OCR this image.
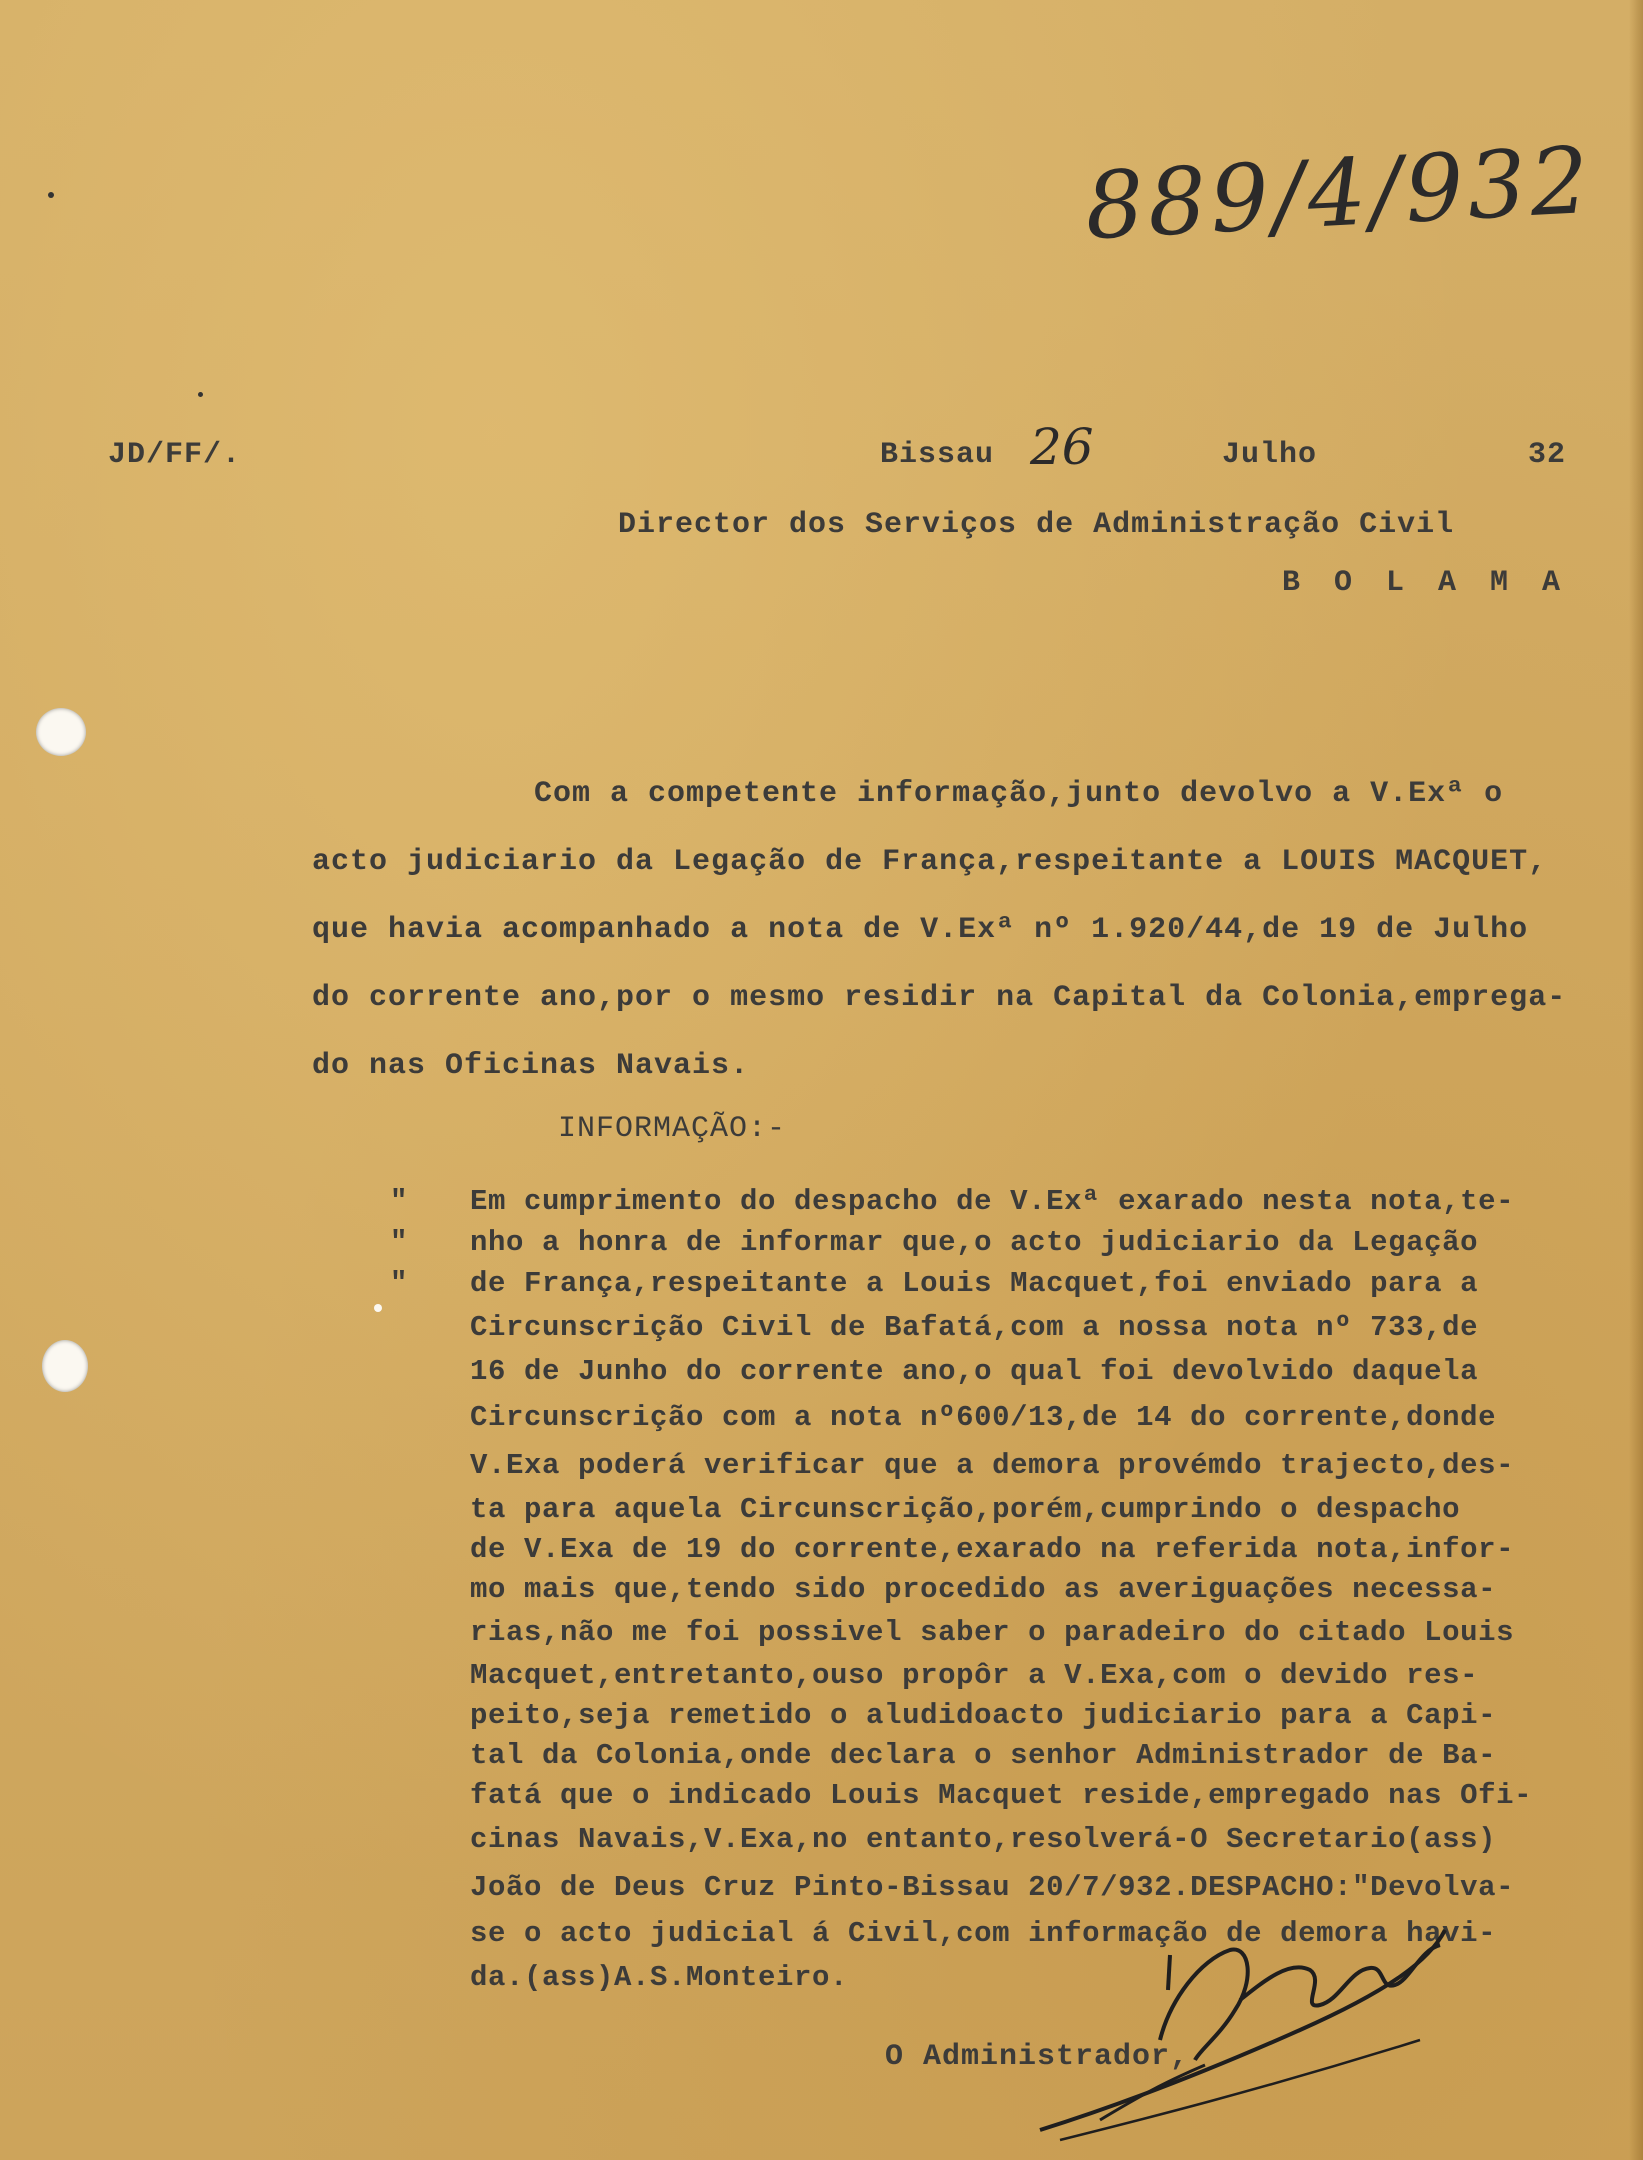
889/4/932
JD/FF/.	Bissau 26	Julho	32
Director dos Serviços de Administração Civil
B O L A M A
Com a competente informação,junto devolvo a V.Exª o
acto judiciario da Legação de França,respeitante a LOUIS MACQUET,
que havia acompanhado a nota de V.Exª nº 1.920/44,de 19 de Julho
do corrente ano,por o mesmo residir na Capital da Colonia,emprega-
do nas Oficinas Navais.
INFORMAÇÃO:-
" Em cumprimento do despacho de V.Exª exarado nesta nota,te-
" nho a honra de informar que,o acto judiciario da Legação
" de França,respeitante a Louis Macquet,foi enviado para a
Circunscrição Civil de Bafatá,com a nossa nota nº 733,de
16 de Junho do corrente ano,o qual foi devolvido daquela
Circunscrição com a nota nº600/13,de 14 do corrente,donde
V.Exa poderá verificar que a demora provémdo trajecto,des-
ta para aquela Circunscrição,porém,cumprindo o despacho
de V.Exa de 19 do corrente,exarado na referida nota,infor-
mo mais que,tendo sido procedido as averiguações necessa-
rias,não me foi possivel saber o paradeiro do citado Louis
Macquet,entretanto,ouso propôr a V.Exa,com o devido res-
peito,seja remetido o aludidoacto judiciario para a Capi-
tal da Colonia,onde declara o senhor Administrador de Ba-
fatá que o indicado Louis Macquet reside,empregado nas Ofi-
cinas Navais,V.Exa,no entanto,resolverá-O Secretario(ass)
João de Deus Cruz Pinto-Bissau 20/7/932.DESPACHO:"Devolva-
se o acto judicial á Civil,com informação de demora havi-
da.(ass)A.S.Monteiro.
O Administrador,
